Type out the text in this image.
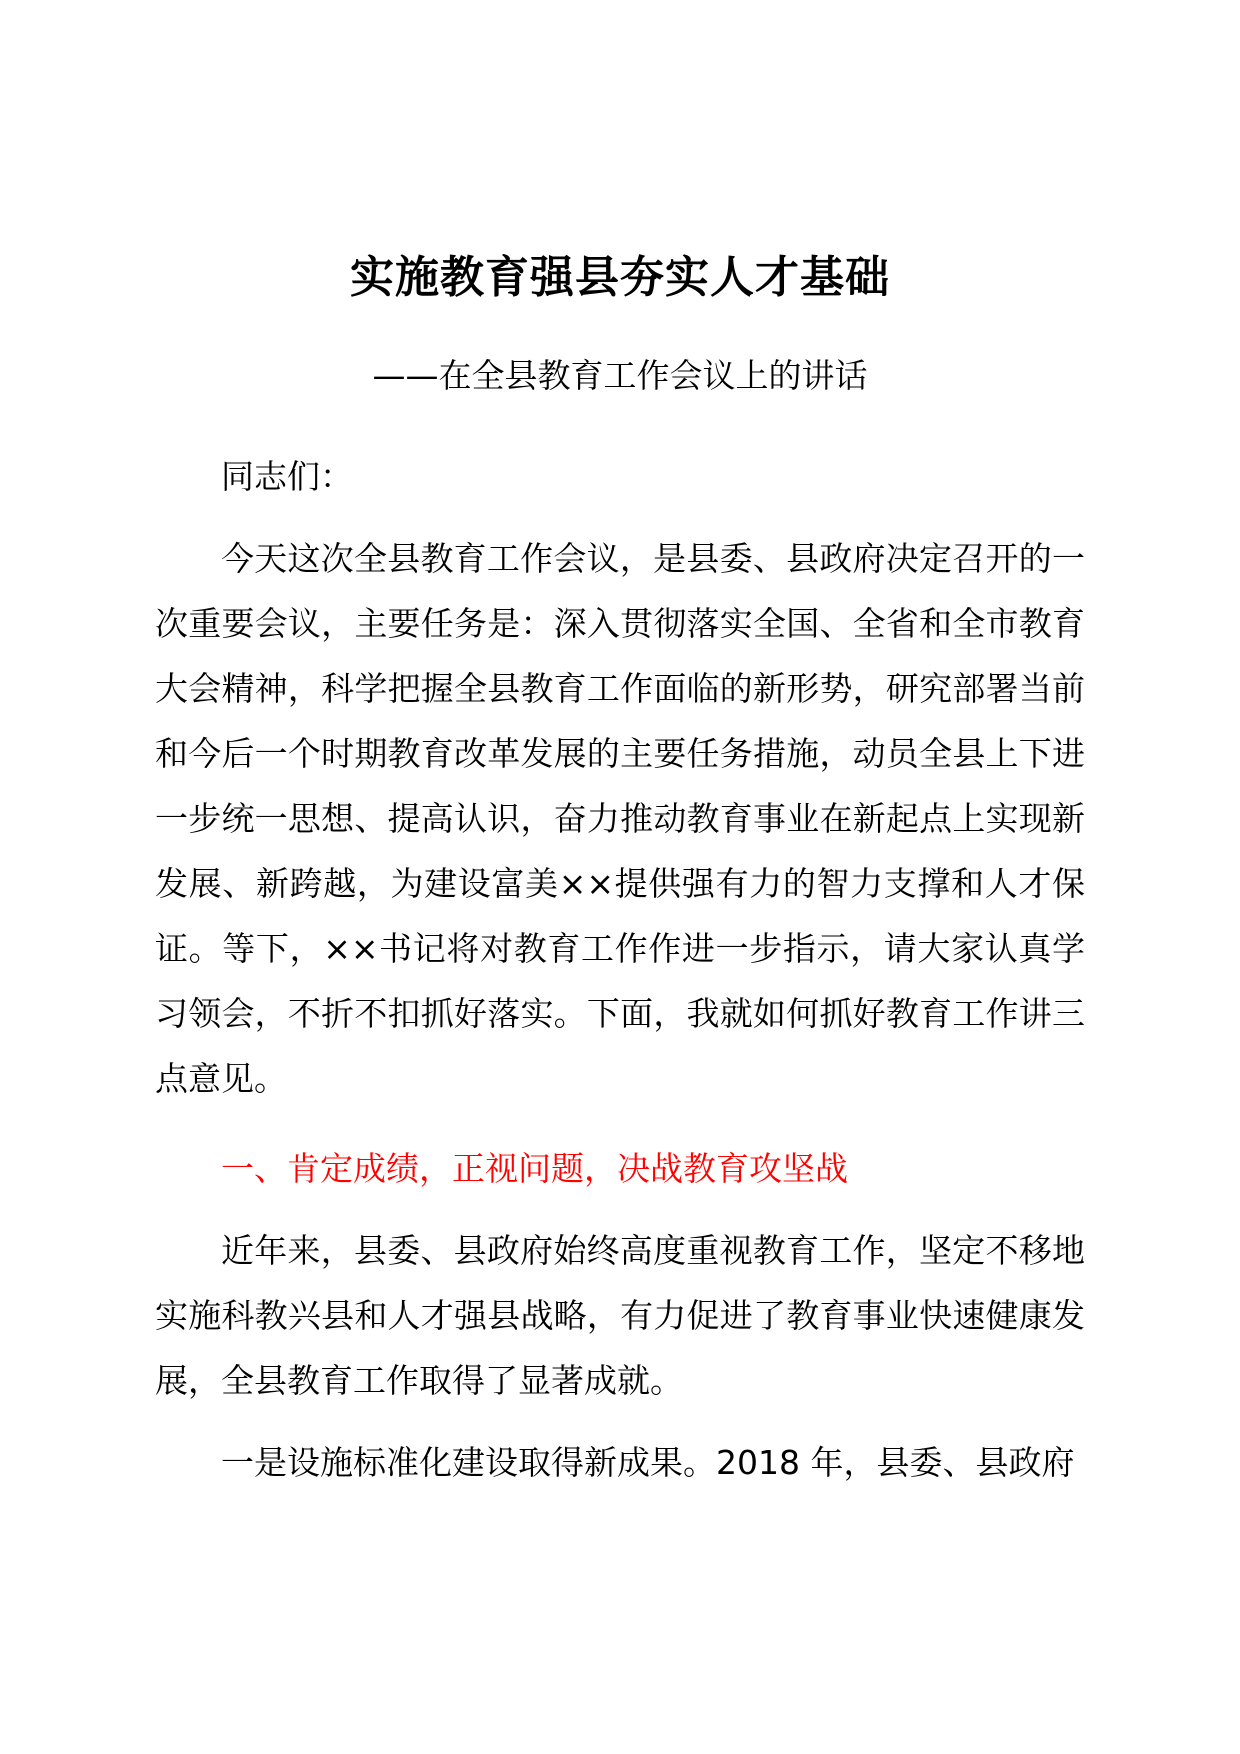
实施教育强县夯实人才基础

——在全县教育工作会议上的讲话

同志们：

今天这次全县教育工作会议，是县委、县政府决定召开的一次重要会议，主要任务是：深入贯彻落实全国、全省和全市教育大会精神，科学把握全县教育工作面临的新形势，研究部署当前和今后一个时期教育改革发展的主要任务措施，动员全县上下进一步统一思想、提高认识，奋力推动教育事业在新起点上实现新发展、新跨越，为建设富美××提供强有力的智力支撑和人才保证。等下，××书记将对教育工作作进一步指示，请大家认真学习领会，不折不扣抓好落实。下面，我就如何抓好教育工作讲三点意见。

一、肯定成绩，正视问题，决战教育攻坚战

近年来，县委、县政府始终高度重视教育工作，坚定不移地实施科教兴县和人才强县战略，有力促进了教育事业快速健康发展，全县教育工作取得了显著成就。

一是设施标准化建设取得新成果。2018 年，县委、县政府
